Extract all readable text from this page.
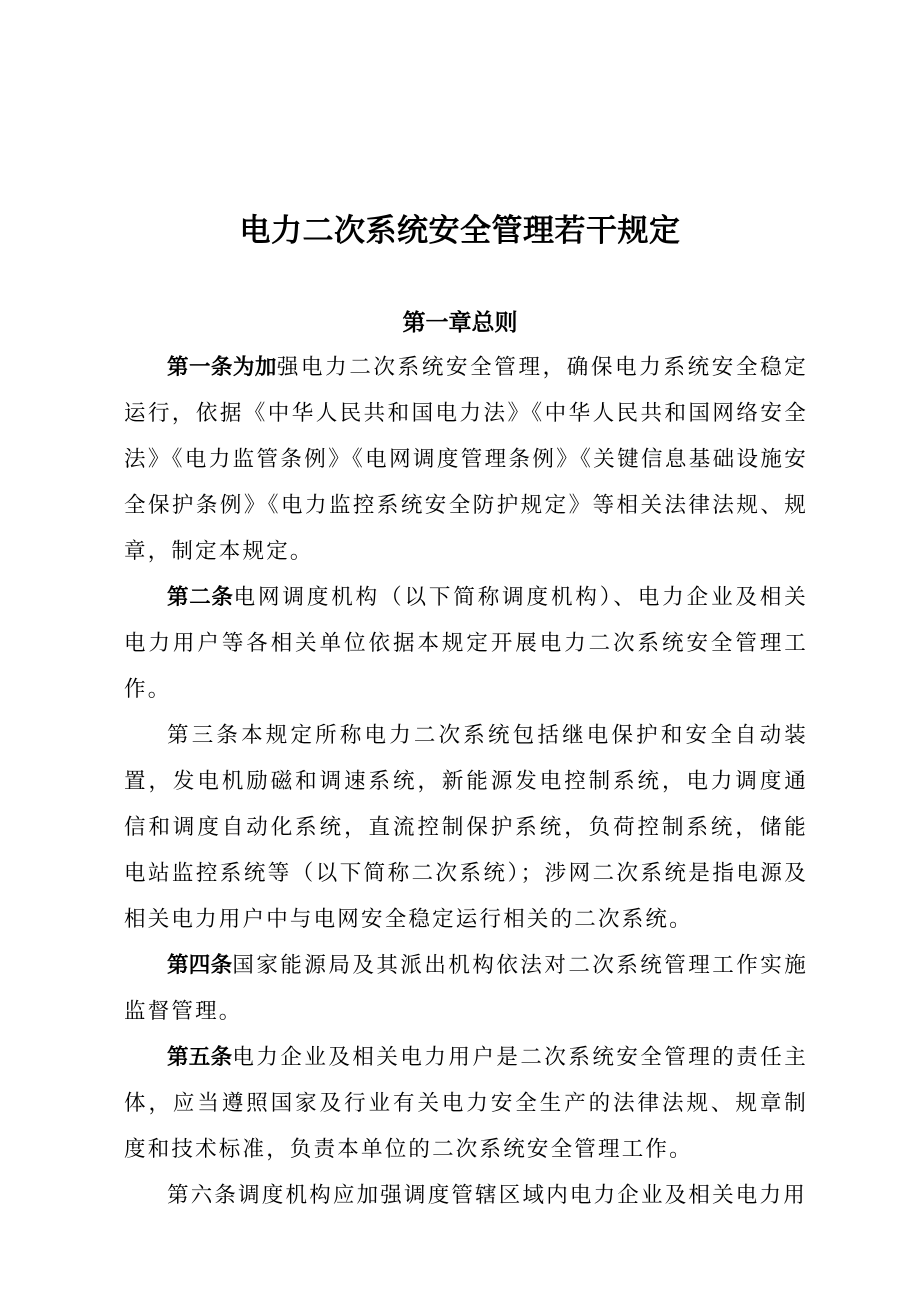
电力二次系统安全管理若干规定
第一章总则

第一条为加强电力二次系统安全管理，确保电力系统安全稳定运行，依据《中华人民共和国电力法》《中华人民共和国网络安全法》《电力监管条例》《电网调度管理条例》《关键信息基础设施安全保护条例》《电力监控系统安全防护规定》等相关法律法规、规章，制定本规定。

第二条电网调度机构（以下简称调度机构）、电力企业及相关电力用户等各相关单位依据本规定开展电力二次系统安全管理工作。

第三条本规定所称电力二次系统包括继电保护和安全自动装置，发电机励磁和调速系统，新能源发电控制系统，电力调度通信和调度自动化系统，直流控制保护系统，负荷控制系统，储能电站监控系统等（以下简称二次系统）；涉网二次系统是指电源及相关电力用户中与电网安全稳定运行相关的二次系统。

第四条国家能源局及其派出机构依法对二次系统管理工作实施监督管理。

第五条电力企业及相关电力用户是二次系统安全管理的责任主体，应当遵照国家及行业有关电力安全生产的法律法规、规章制度和技术标准，负责本单位的二次系统安全管理工作。

第六条调度机构应加强调度管辖区域内电力企业及相关电力用
